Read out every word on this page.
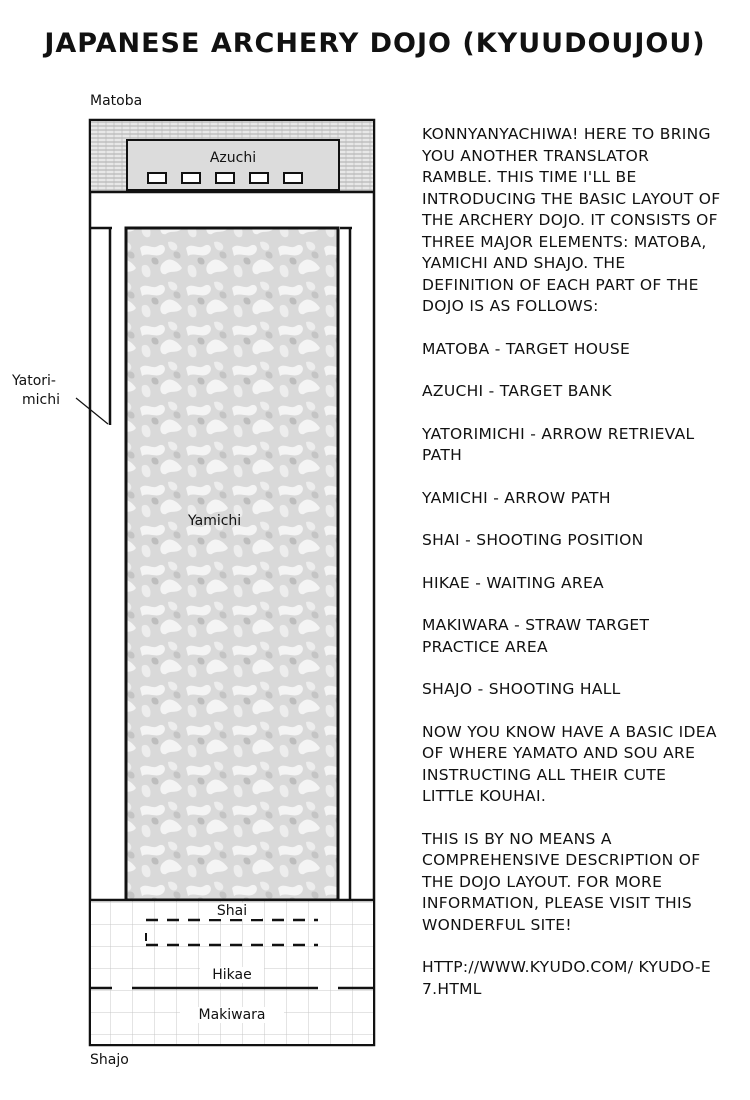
JAPANESE ARCHERY DOJO (KYUUDOUJOU)
Matoba
Azuchi
Yatori-
michi
Yamichi
Shai
Hikae
Makiwara
Shajo

KONNYANYACHIWA! HERE TO BRING YOU ANOTHER TRANSLATOR RAMBLE. THIS TIME I'LL BE INTRODUCING THE BASIC LAYOUT OF THE ARCHERY DOJO. IT CONSISTS OF THREE MAJOR ELEMENTS: MATOBA, YAMICHI AND SHAJO. THE DEFINITION OF EACH PART OF THE DOJO IS AS FOLLOWS:

MATOBA - TARGET HOUSE

AZUCHI - TARGET BANK

YATORIMICHI - ARROW RETRIEVAL PATH

YAMICHI - ARROW PATH

SHAI - SHOOTING POSITION

HIKAE - WAITING AREA

MAKIWARA - STRAW TARGET PRACTICE AREA

SHAJO - SHOOTING HALL

NOW YOU KNOW HAVE A BASIC IDEA OF WHERE YAMATO AND SOU ARE INSTRUCTING ALL THEIR CUTE LITTLE KOUHAI.

THIS IS BY NO MEANS A COMPREHENSIVE DESCRIPTION OF THE DOJO LAYOUT. FOR MORE INFORMATION, PLEASE VISIT THIS WONDERFUL SITE!

HTTP://WWW.KYUDO.COM/ KYUDO-E7.HTML
